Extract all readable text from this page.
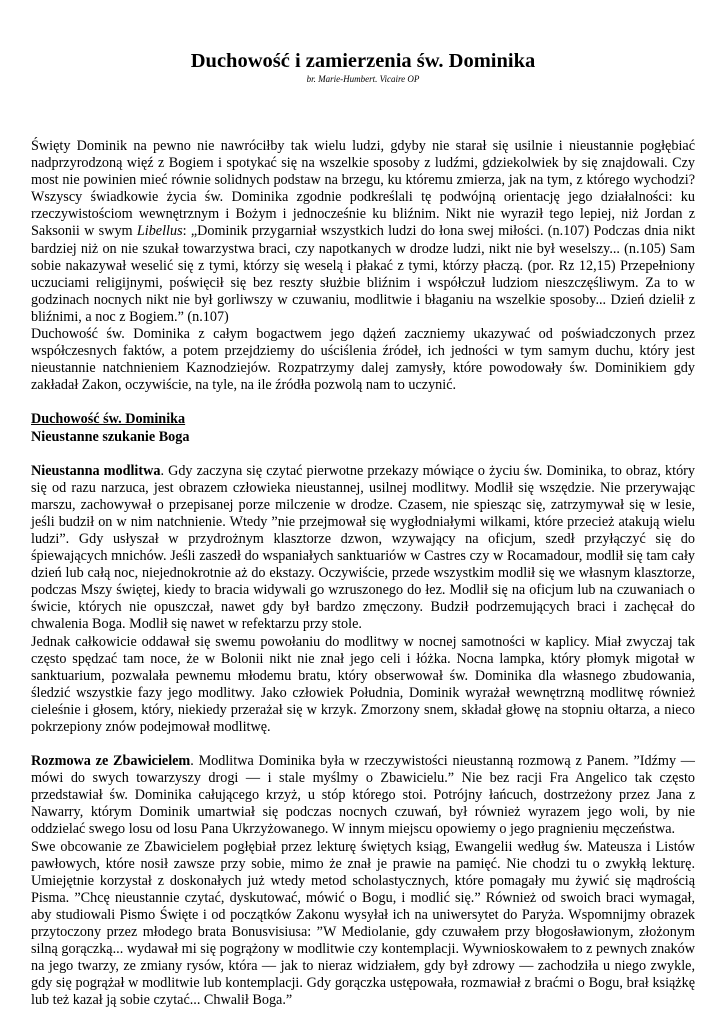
Duchowość i zamierzenia św. Dominika
br. Marie-Humbert. Vicaire OP

Święty Dominik na pewno nie nawróciłby tak wielu ludzi, gdyby nie starał się usilnie i nieustannie pogłębiać nadprzyrodzoną więź z Bogiem i spotykać się na wszelkie sposoby z ludźmi, gdziekolwiek by się znajdowali. Czy most nie powinien mieć równie solidnych podstaw na brzegu, ku któremu zmierza, jak na tym, z którego wychodzi? Wszyscy świadkowie życia św. Dominika zgodnie podkreślali tę podwójną orientację jego działalności: ku rzeczywistościom wewnętrznym i Bożym i jednocześnie ku bliźnim. Nikt nie wyraził tego lepiej, niż Jordan z Saksonii w swym Libellus: „Dominik przygarniał wszystkich ludzi do łona swej miłości. (n.107) Podczas dnia nikt bardziej niż on nie szukał towarzystwa braci, czy napotkanych w drodze ludzi, nikt nie był weselszy... (n.105) Sam sobie nakazywał weselić się z tymi, którzy się weselą i płakać z tymi, którzy płaczą. (por. Rz 12,15) Przepełniony uczuciami religijnymi, poświęcił się bez reszty służbie bliźnim i współczuł ludziom nieszczęśliwym. Za to w godzinach nocnych nikt nie był gorliwszy w czuwaniu, modlitwie i błaganiu na wszelkie sposoby... Dzień dzielił z bliźnimi, a noc z Bogiem.” (n.107)

Duchowość św. Dominika z całym bogactwem jego dążeń zaczniemy ukazywać od poświadczonych przez współczesnych faktów, a potem przejdziemy do uściślenia źródeł, ich jedności w tym samym duchu, który jest nieustannie natchnieniem Kaznodziejów. Rozpatrzymy dalej zamysły, które powodowały św. Dominikiem gdy zakładał Zakon, oczywiście, na tyle, na ile źródła pozwolą nam to uczynić.

Duchowość św. Dominika
Nieustanne szukanie Boga

Nieustanna modlitwa. Gdy zaczyna się czytać pierwotne przekazy mówiące o życiu św. Dominika, to obraz, który się od razu narzuca, jest obrazem człowieka nieustannej, usilnej modlitwy. Modlił się wszędzie. Nie przerywając marszu, zachowywał o przepisanej porze milczenie w drodze. Czasem, nie spiesząc się, zatrzymywał się w lesie, jeśli budził on w nim natchnienie. Wtedy ”nie przejmował się wygłodniałymi wilkami, które przecież atakują wielu ludzi”. Gdy usłyszał w przydrożnym klasztorze dzwon, wzywający na oficjum, szedł przyłączyć się do śpiewających mnichów. Jeśli zaszedł do wspaniałych sanktuariów w Castres czy w Rocamadour, modlił się tam cały dzień lub całą noc, niejednokrotnie aż do ekstazy. Oczywiście, przede wszystkim modlił się we własnym klasztorze, podczas Mszy świętej, kiedy to bracia widywali go wzruszonego do łez. Modlił się na oficjum lub na czuwaniach o świcie, których nie opuszczał, nawet gdy był bardzo zmęczony. Budził podrzemujących braci i zachęcał do chwalenia Boga. Modlił się nawet w refektarzu przy stole.

Jednak całkowicie oddawał się swemu powołaniu do modlitwy w nocnej samotności w kaplicy. Miał zwyczaj tak często spędzać tam noce, że w Bolonii nikt nie znał jego celi i łóżka. Nocna lampka, który płomyk migotał w sanktuarium, pozwalała pewnemu młodemu bratu, który obserwował św. Dominika dla własnego zbudowania, śledzić wszystkie fazy jego modlitwy. Jako człowiek Południa, Dominik wyrażał wewnętrzną modlitwę również cieleśnie i głosem, który, niekiedy przerażał się w krzyk. Zmorzony snem, składał głowę na stopniu ołtarza, a nieco pokrzepiony znów podejmował modlitwę.

Rozmowa ze Zbawicielem. Modlitwa Dominika była w rzeczywistości nieustanną rozmową z Panem. ”Idźmy — mówi do swych towarzyszy drogi — i stale myślmy o Zbawicielu.” Nie bez racji Fra Angelico tak często przedstawiał św. Dominika całującego krzyż, u stóp którego stoi. Potrójny łańcuch, dostrzeżony przez Jana z Nawarry, którym Dominik umartwiał się podczas nocnych czuwań, był również wyrazem jego woli, by nie oddzielać swego losu od losu Pana Ukrzyżowanego. W innym miejscu opowiemy o jego pragnieniu męczeństwa.

Swe obcowanie ze Zbawicielem pogłębiał przez lekturę świętych ksiąg, Ewangelii według św. Mateusza i Listów pawłowych, które nosił zawsze przy sobie, mimo że znał je prawie na pamięć. Nie chodzi tu o zwykłą lekturę. Umiejętnie korzystał z doskonałych już wtedy metod scholastycznych, które pomagały mu żywić się mądrością Pisma. ”Chcę nieustannie czytać, dyskutować, mówić o Bogu, i modlić się.” Również od swoich braci wymagał, aby studiowali Pismo Święte i od początków Zakonu wysyłał ich na uniwersytet do Paryża. Wspomnijmy obrazek przytoczony przez młodego brata Bonusvisiusa: ”W Mediolanie, gdy czuwałem przy błogosławionym, złożonym silną gorączką... wydawał mi się pogrążony w modlitwie czy kontemplacji. Wywnioskowałem to z pewnych znaków na jego twarzy, ze zmiany rysów, która — jak to nieraz widziałem, gdy był zdrowy — zachodziła u niego zwykle, gdy się pogrążał w modlitwie lub kontemplacji. Gdy gorączka ustępowała, rozmawiał z braćmi o Bogu, brał książkę lub też kazał ją sobie czytać... Chwalił Boga.”
